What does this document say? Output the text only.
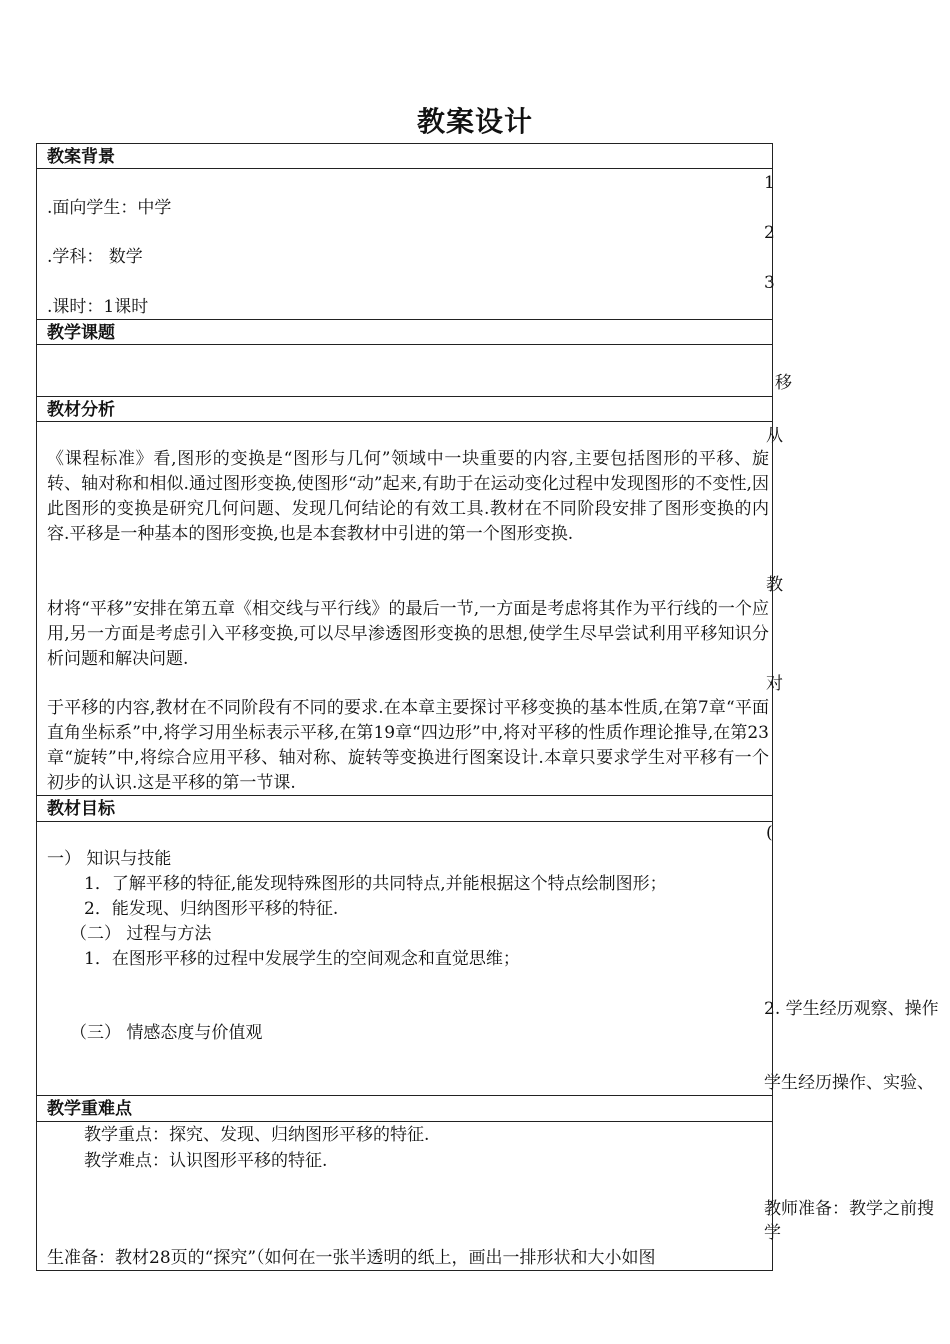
教案设计
教案背景
.面向学生：中学
.学科： 数学
.课时：1课时
教学课题
教材分析
《课程标准》看,图形的变换是“图形与几何”领域中一块重要的内容,主要包括图形的平移、旋转、轴对称和相似.通过图形变换,使图形“动”起来,有助于在运动变化过程中发现图形的不变性,因此图形的变换是研究几何问题、发现几何结论的有效工具.教材在不同阶段安排了图形变换的内容.平移是一种基本的图形变换,也是本套教材中引进的第一个图形变换.
材将“平移”安排在第五章《相交线与平行线》的最后一节,一方面是考虑将其作为平行线的一个应用,另一方面是考虑引入平移变换,可以尽早渗透图形变换的思想,使学生尽早尝试利用平移知识分析问题和解决问题.
于平移的内容,教材在不同阶段有不同的要求.在本章主要探讨平移变换的基本性质,在第7章“平面直角坐标系”中,将学习用坐标表示平移,在第19章“四边形”中,将对平移的性质作理论推导,在第23章“旋转”中,将综合应用平移、轴对称、旋转等变换进行图案设计.本章只要求学生对平移有一个初步的认识.这是平移的第一节课.
教材目标
一） 知识与技能
1．了解平移的特征,能发现特殊图形的共同特点,并能根据这个特点绘制图形；
2．能发现、归纳图形平移的特征.
（二） 过程与方法
1．在图形平移的过程中发展学生的空间观念和直觉思维；
（三） 情感态度与价值观
教学重难点
教学重点：探究、发现、归纳图形平移的特征.
教学难点：认识图形平移的特征.
生准备：教材28页的“探究”（如何在一张半透明的纸上，画出一排形状和大小如图
1
2
3
移
从
教
对
(
2. 学生经历观察、操作
学生经历操作、实验、
教师准备：教学之前搜
学
